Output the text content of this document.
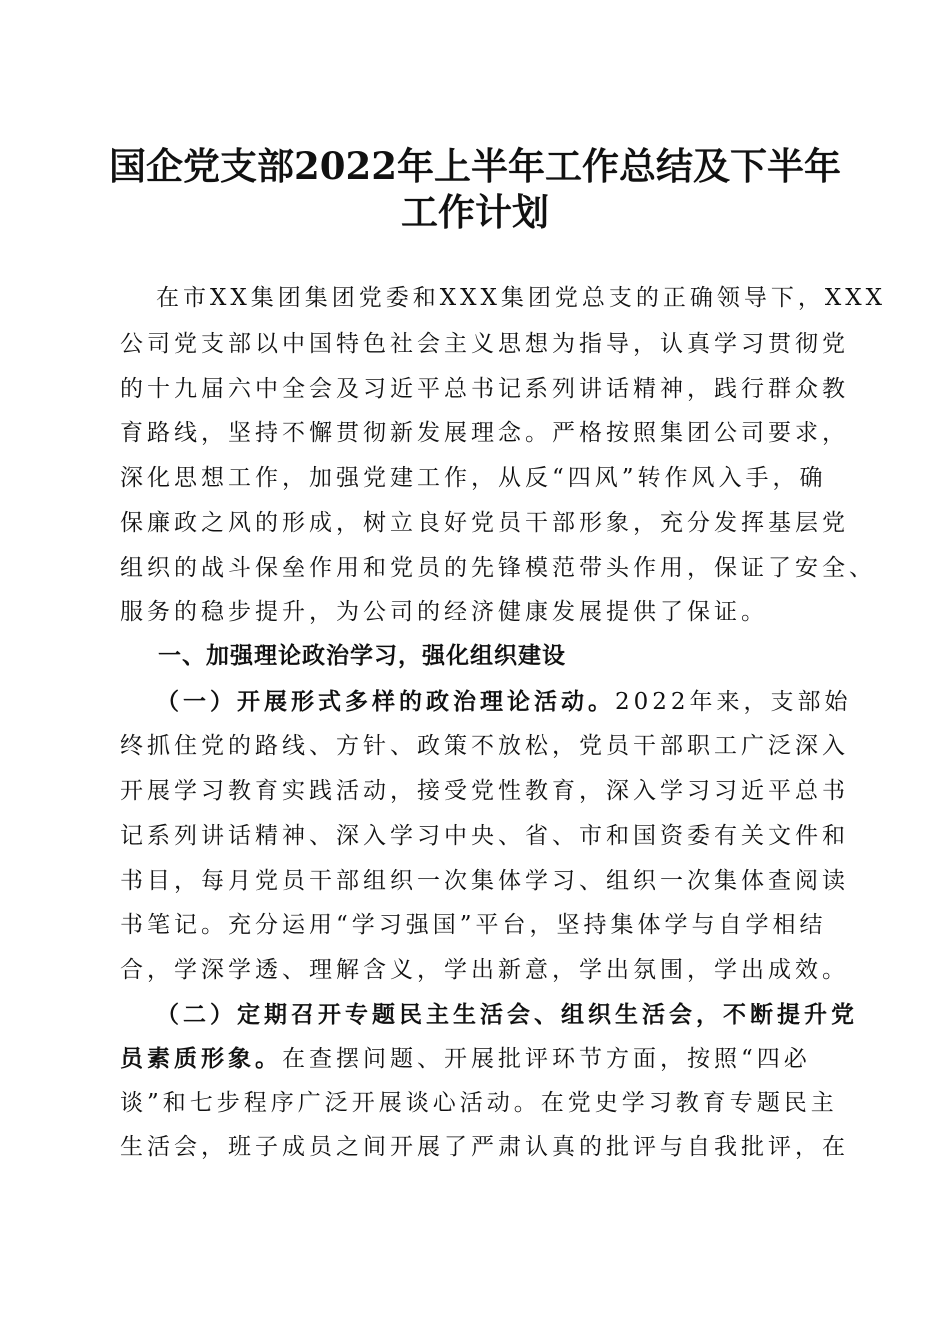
国企党支部2022年上半年工作总结及下半年
工作计划
在市XX集团集团党委和XXX集团党总支的正确领导下，XXX
公司党支部以中国特色社会主义思想为指导，认真学习贯彻党
的十九届六中全会及习近平总书记系列讲话精神，践行群众教
育路线，坚持不懈贯彻新发展理念。严格按照集团公司要求，
深化思想工作，加强党建工作，从反“四风”转作风入手，确
保廉政之风的形成，树立良好党员干部形象，充分发挥基层党
组织的战斗保垒作用和党员的先锋模范带头作用，保证了安全、
服务的稳步提升，为公司的经济健康发展提供了保证。
一、加强理论政治学习，强化组织建设
（一）开展形式多样的政治理论活动。2022年来，支部始
终抓住党的路线、方针、政策不放松，党员干部职工广泛深入
开展学习教育实践活动，接受党性教育，深入学习习近平总书
记系列讲话精神、深入学习中央、省、市和国资委有关文件和
书目，每月党员干部组织一次集体学习、组织一次集体查阅读
书笔记。充分运用“学习强国”平台，坚持集体学与自学相结
合，学深学透、理解含义，学出新意，学出氛围，学出成效。
（二）定期召开专题民主生活会、组织生活会，不断提升党
员素质形象。在查摆问题、开展批评环节方面，按照“四必
谈”和七步程序广泛开展谈心活动。在党史学习教育专题民主
生活会，班子成员之间开展了严肃认真的批评与自我批评，在
